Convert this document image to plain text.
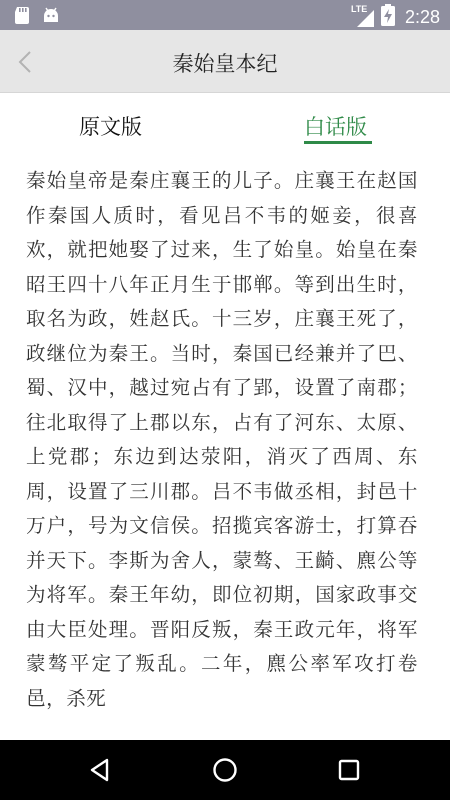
LTE 2:28
秦始皇本纪
原文版	白话版

秦始皇帝是秦庄襄王的儿子。庄襄王在赵国作秦国人质时，看见吕不韦的姬妾，很喜欢，就把她娶了过来，生了始皇。始皇在秦昭王四十八年正月生于邯郸。等到出生时，取名为政，姓赵氏。十三岁，庄襄王死了，政继位为秦王。当时，秦国已经兼并了巴、蜀、汉中，越过宛占有了郢，设置了南郡；往北取得了上郡以东，占有了河东、太原、上党郡；东边到达荥阳，消灭了西周、东周，设置了三川郡。吕不韦做丞相，封邑十万户，号为文信侯。招揽宾客游士，打算吞并天下。李斯为舍人，蒙骜、王齮、麃公等为将军。秦王年幼，即位初期，国家政事交由大臣处理。晋阳反叛，秦王政元年，将军蒙骜平定了叛乱。二年，麃公率军攻打卷邑，杀死
